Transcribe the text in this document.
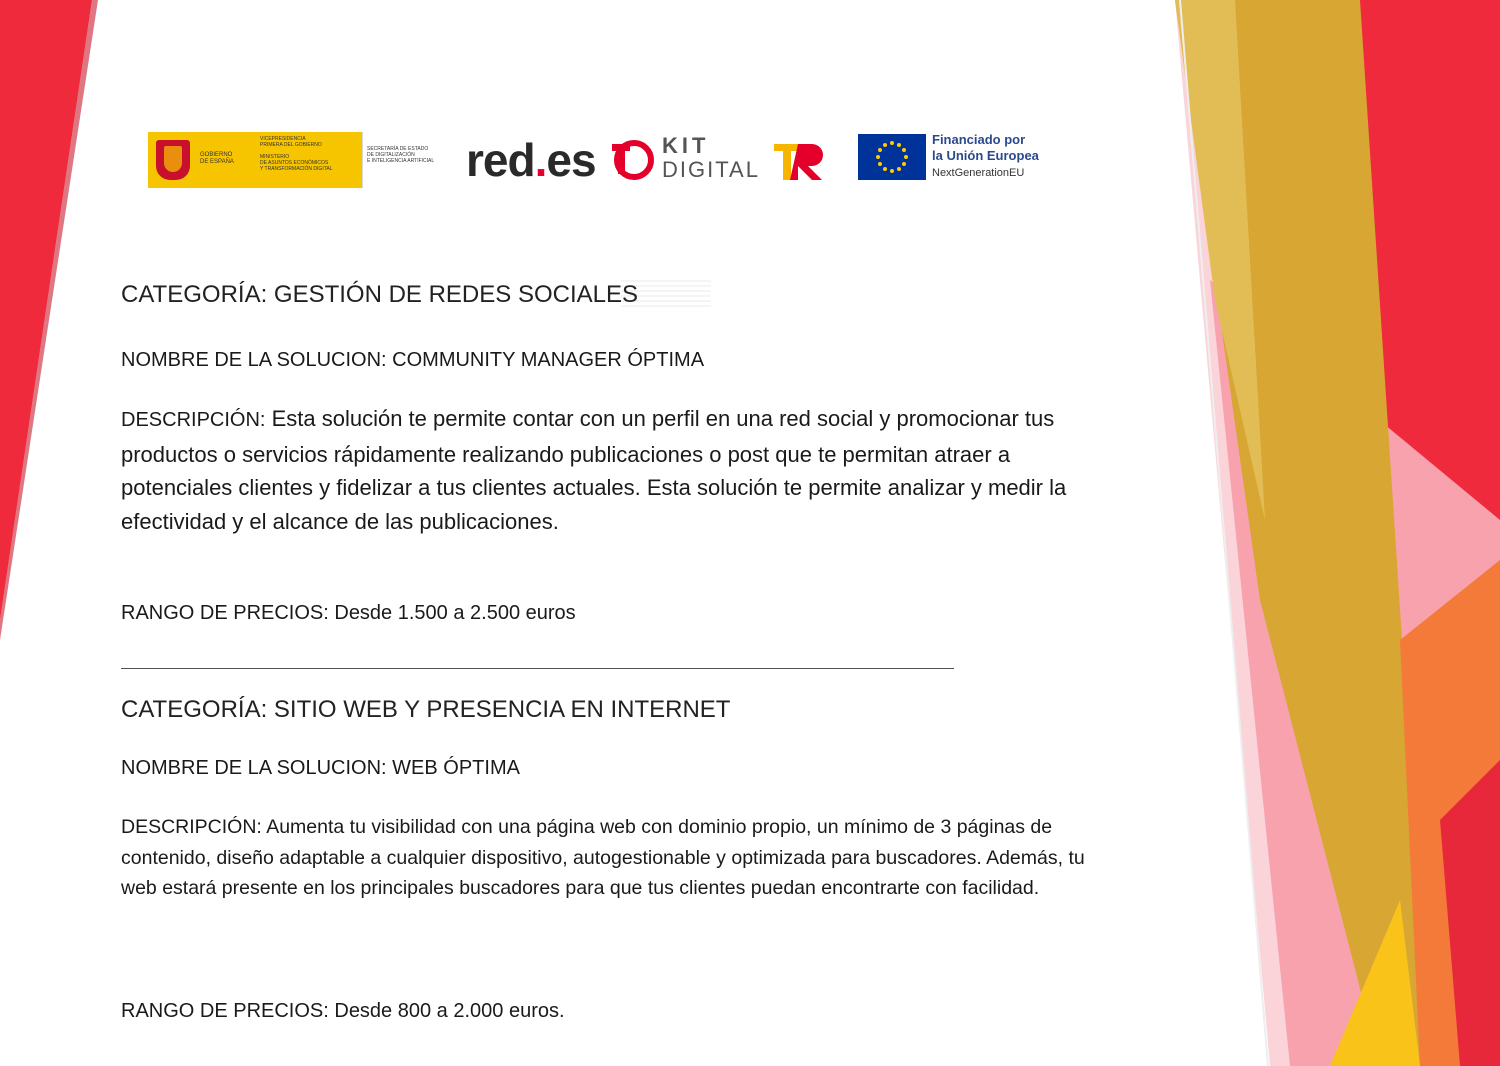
GOBIERNO
DE ESPAÑA
VICEPRESIDENCIA
PRIMERA DEL GOBIERNO

MINISTERIO
DE ASUNTOS ECONÓMICOS
Y TRANSFORMACIÓN DIGITAL
SECRETARÍA DE ESTADO
DE DIGITALIZACIÓN
E INTELIGENCIA ARTIFICIAL red.es	KIT
DIGITAL
Financiado por
la Unión Europea
NextGenerationEU
CATEGORÍA: GESTIÓN DE REDES SOCIALES
NOMBRE DE LA SOLUCION: COMMUNITY MANAGER ÓPTIMA
DESCRIPCIÓN: Esta solución te permite contar con un perfil en una red social y promocionar tus productos o servicios rápidamente realizando publicaciones o post que te permitan atraer a potenciales clientes y fidelizar a tus clientes actuales. Esta solución te permite analizar y medir la efectividad y el alcance de las publicaciones.
RANGO DE PRECIOS: Desde 1.500 a 2.500 euros
CATEGORÍA: SITIO WEB Y PRESENCIA EN INTERNET
NOMBRE DE LA SOLUCION: WEB ÓPTIMA
DESCRIPCIÓN: Aumenta tu visibilidad con una página web con dominio propio, un mínimo de 3 páginas de contenido, diseño adaptable a cualquier dispositivo, autogestionable y optimizada para buscadores. Además, tu web estará presente en los principales buscadores para que tus clientes puedan encontrarte con facilidad.
RANGO DE PRECIOS: Desde 800 a 2.000 euros.
